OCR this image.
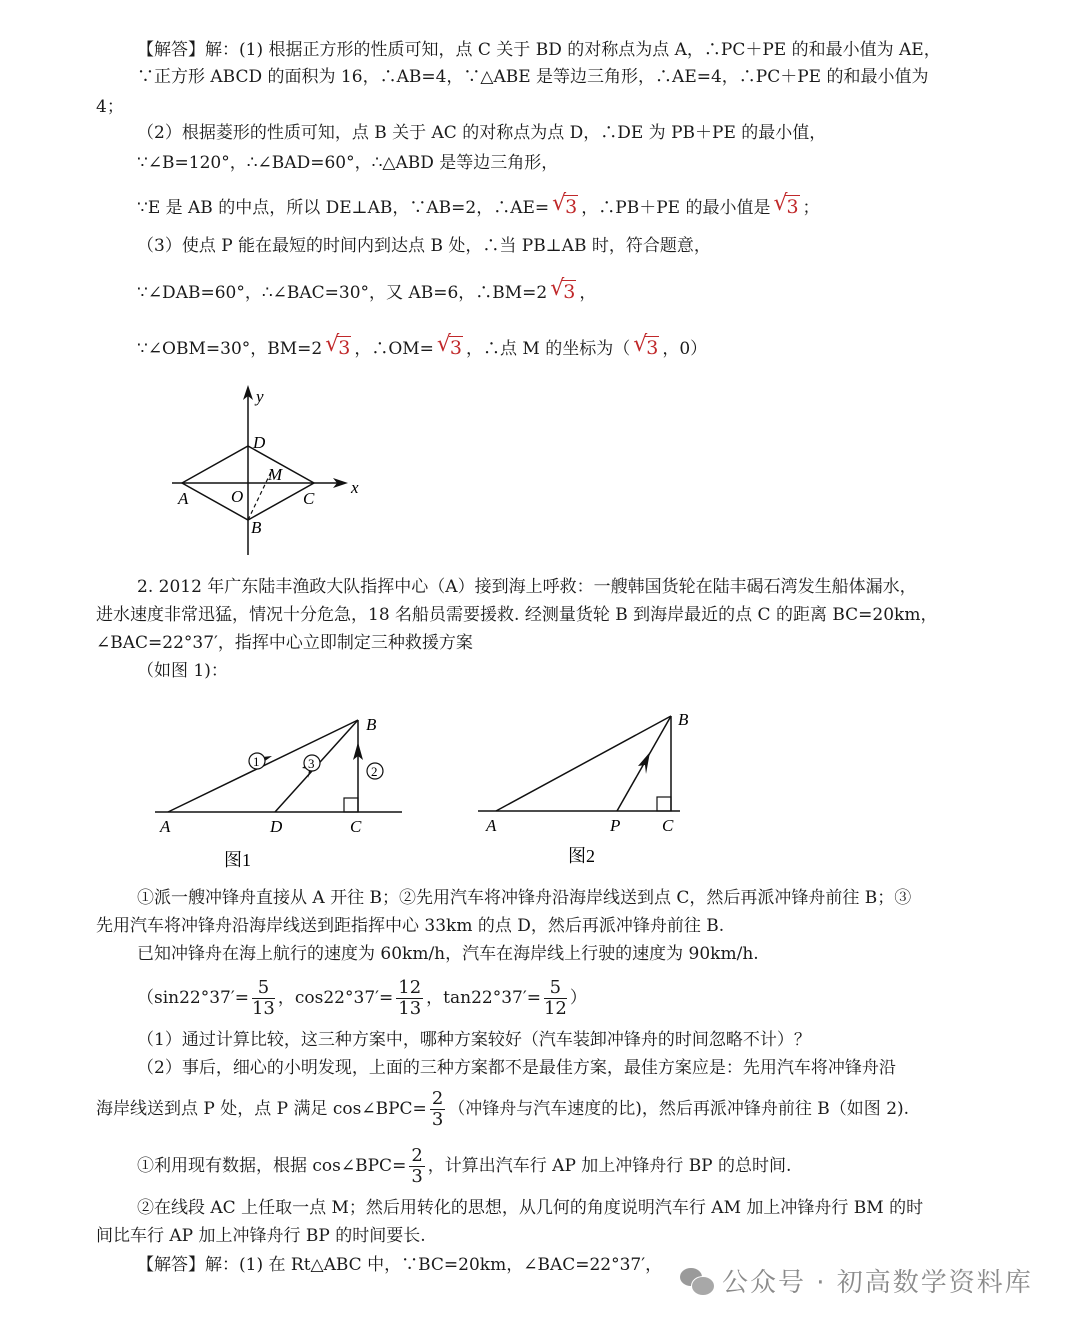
【解答】解：(1) 根据正方形的性质可知，点 C 关于 BD 的对称点为点 A，∴PC＋PE 的和最小值为 AE，
∵正方形 ABCD 的面积为 16，∴AB=4，∵△ABE 是等边三角形，∴AE=4，∴PC＋PE 的和最小值为
4；
（2）根据菱形的性质可知，点 B 关于 AC 的对称点为点 D，∴DE 为 PB＋PE 的最小值，
∵∠B=120°，∴∠BAD=60°，∴△ABD 是等边三角形，
∵E 是 AB 的中点，所以 DE⊥AB，∵AB=2，∴AE= √
3 ，∴PB＋PE 的最小值是 √
3 ；
（3）使点 P 能在最短的时间内到达点 B 处，∴当 PB⊥AB 时，符合题意，
∵∠DAB=60°，∴∠BAC=30°，又 AB=6，∴BM=2 √
3 ，
∵∠OBM=30°，BM=2 √
3 ，∴OM= √
3 ，∴点 M 的坐标为（ √
3 ，0）
y
x
D
M
A	O	C
B
2. 2012 年广东陆丰渔政大队指挥中心（A）接到海上呼救：一艘韩国货轮在陆丰碣石湾发生船体漏水，
进水速度非常迅猛，情况十分危急，18 名船员需要援救. 经测量货轮 B 到海岸最近的点 C 的距离 BC=20km，
∠BAC=22°37′，指挥中心立即制定三种救援方案
（如图 1)：
1	3
2
A	D	C
B
图1
A	P C
B
图2
①派一艘冲锋舟直接从 A 开往 B；②先用汽车将冲锋舟沿海岸线送到点 C，然后再派冲锋舟前往 B；③
先用汽车将冲锋舟沿海岸线送到距指挥中心 33km 的点 D，然后再派冲锋舟前往 B.
已知冲锋舟在海上航行的速度为 60km/h，汽车在海岸线上行驶的速度为 90km/h.
（$\sin 22^\circ 37'= \frac{5}{13}$ ，$\cos 22^\circ 37'= \frac{12}{13}$ ，$\tan 22^\circ 37'= \frac{5}{12}$ ）
（1）通过计算比较，这三种方案中，哪种方案较好（汽车装卸冲锋舟的时间忽略不计）？
（2）事后，细心的小明发现，上面的三种方案都不是最佳方案，最佳方案应是：先用汽车将冲锋舟沿
海岸线送到点 P 处，点 P 满足 cos∠BPC= $\frac{2}{3}$ （冲锋舟与汽车速度的比)，然后再派冲锋舟前往 B（如图 2).
①利用现有数据，根据 cos∠BPC= $\frac{2}{3}$ ，计算出汽车行 AP 加上冲锋舟行 BP 的总时间.
②在线段 AC 上任取一点 M；然后用转化的思想，从几何的角度说明汽车行 AM 加上冲锋舟行 BM 的时
间比车行 AP 加上冲锋舟行 BP 的时间要长.
【解答】解：(1) 在 Rt△ABC 中，∵BC=20km，∠BAC=22°37′，
公众号 · 初高数学资料库
